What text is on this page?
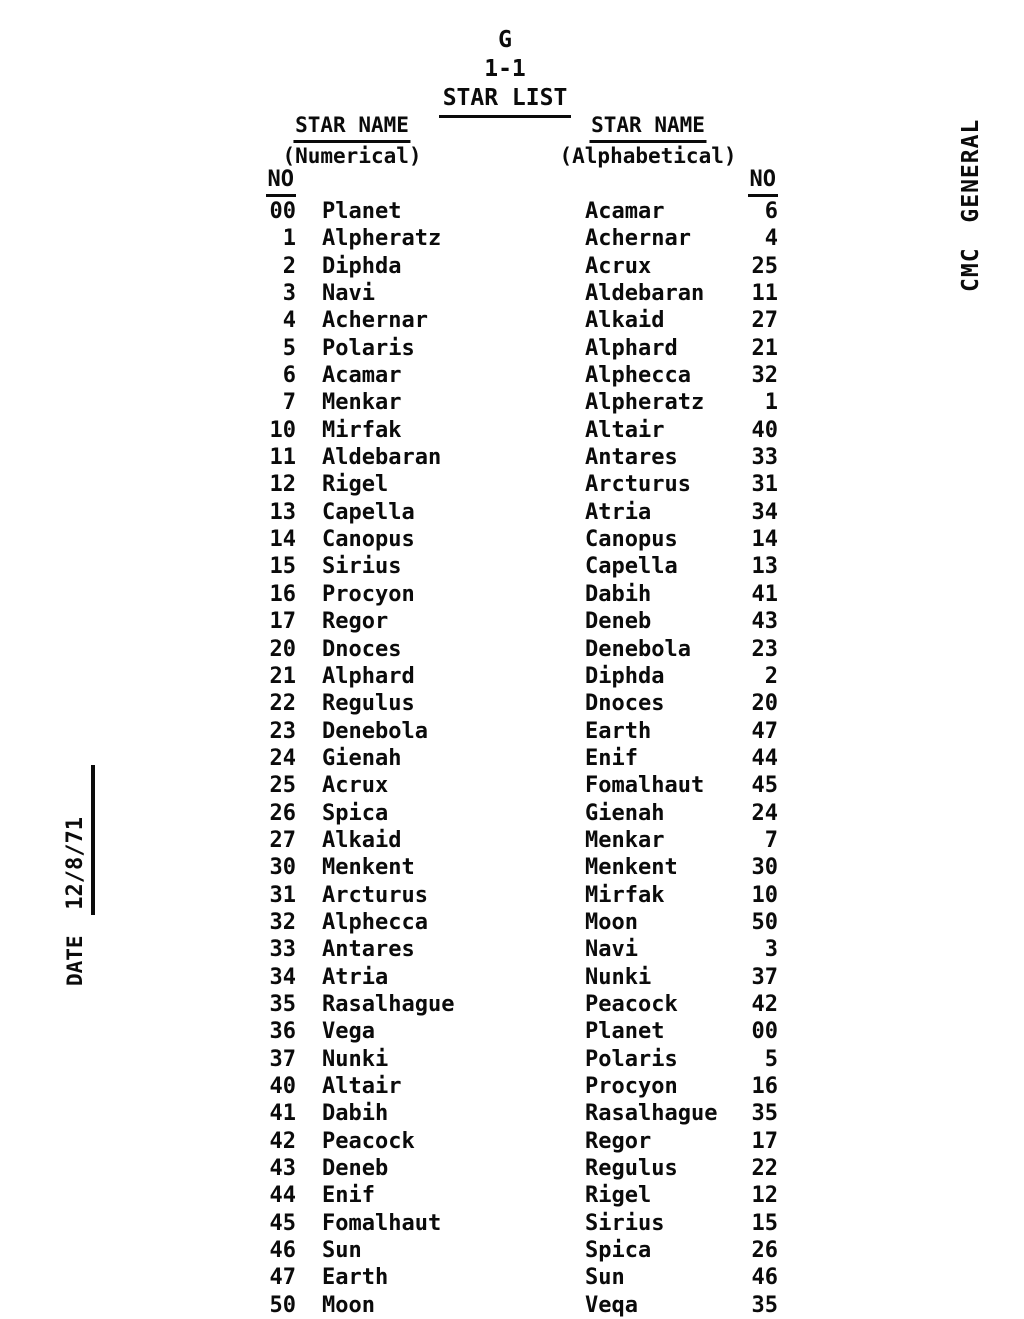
G
1-1
STAR LIST
STAR NAME
(Numerical)
STAR NAME
(Alphabetical)
NO	NO
00	Planet	Acamar	6
1	Alpheratz	Achernar	4
2	Diphda	Acrux	25
3	Navi	Aldebaran	11
4	Achernar	Alkaid	27
5	Polaris	Alphard	21
6	Acamar	Alphecca	32
7	Menkar	Alpheratz	1
10	Mirfak	Altair	40
11	Aldebaran	Antares	33
12	Rigel	Arcturus	31
13	Capella	Atria	34
14	Canopus	Canopus	14
15	Sirius	Capella	13
16	Procyon	Dabih	41
17	Regor	Deneb	43
20	Dnoces	Denebola	23
21	Alphard	Diphda	2
22	Regulus	Dnoces	20
23	Denebola	Earth	47
24	Gienah	Enif	44
25	Acrux	Fomalhaut	45
26	Spica	Gienah	24
27	Alkaid	Menkar	7
30	Menkent	Menkent	30
31	Arcturus	Mirfak	10
32	Alphecca	Moon	50
33	Antares	Navi	3
34	Atria	Nunki	37
35	Rasalhague	Peacock	42
36	Vega	Planet	00
37	Nunki	Polaris	5
40	Altair	Procyon	16
41	Dabih	Rasalhague	35
42	Peacock	Regor	17
43	Deneb	Regulus	22
44	Enif	Rigel	12
45	Fomalhaut	Sirius	15
46	Sun	Spica	26
47	Earth	Sun	46
50	Moon	Veqa	35
DATE 12/8/71
CMC GENERAL
